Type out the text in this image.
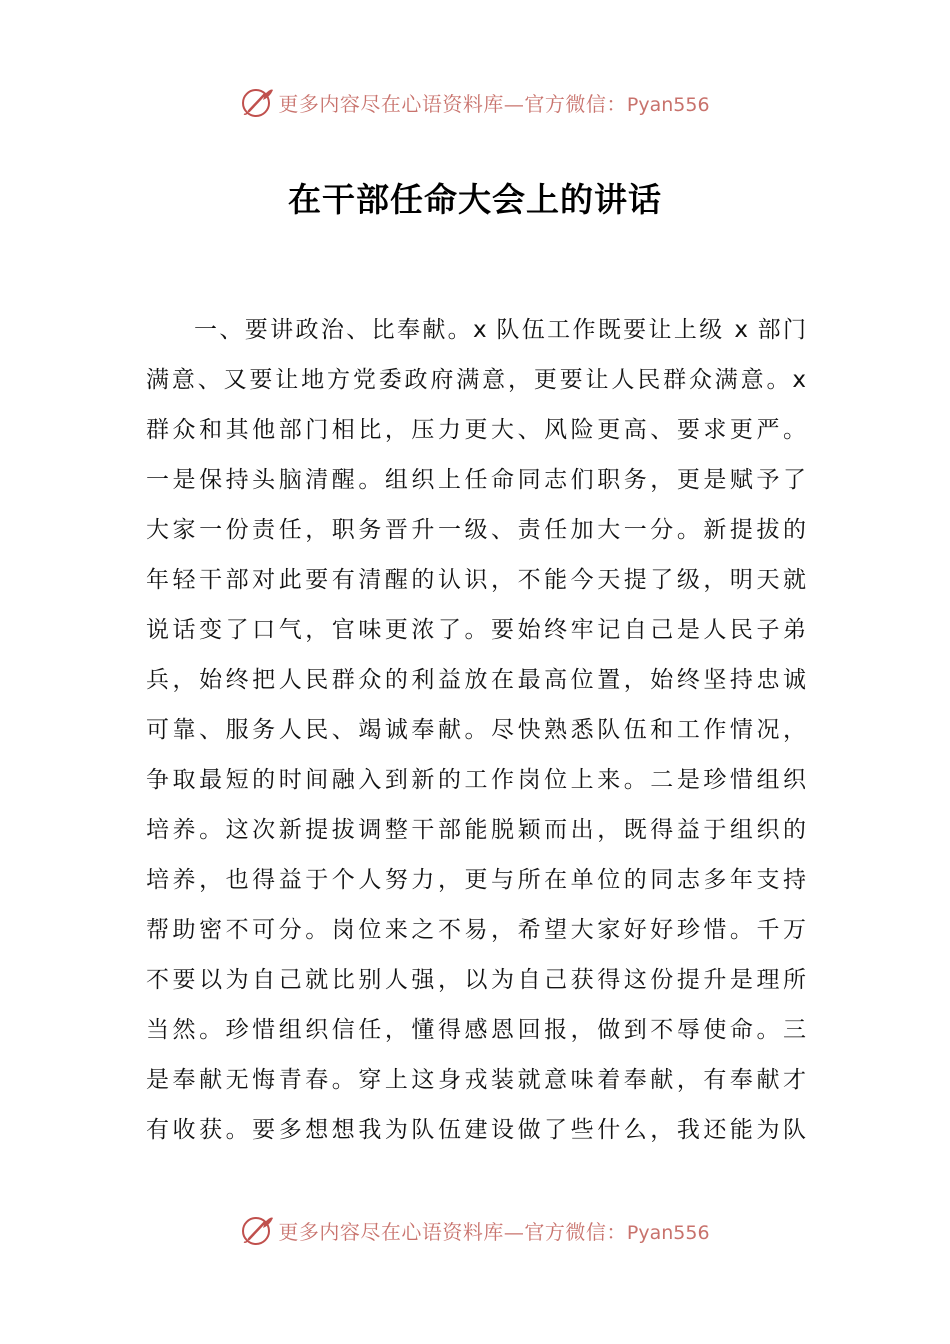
更多内容尽在心语资料库—官方微信：Pyan556
在干部任命大会上的讲话
一、要讲政治、比奉献。x 队伍工作既要让上级 x 部门
满意、又要让地方党委政府满意，更要让人民群众满意。x
群众和其他部门相比，压力更大、风险更高、要求更严。
一是保持头脑清醒。组织上任命同志们职务，更是赋予了
大家一份责任，职务晋升一级、责任加大一分。新提拔的
年轻干部对此要有清醒的认识，不能今天提了级，明天就
说话变了口气，官味更浓了。要始终牢记自己是人民子弟
兵，始终把人民群众的利益放在最高位置，始终坚持忠诚
可靠、服务人民、竭诚奉献。尽快熟悉队伍和工作情况，
争取最短的时间融入到新的工作岗位上来。二是珍惜组织
培养。这次新提拔调整干部能脱颖而出，既得益于组织的
培养，也得益于个人努力，更与所在单位的同志多年支持
帮助密不可分。岗位来之不易，希望大家好好珍惜。千万
不要以为自己就比别人强，以为自己获得这份提升是理所
当然。珍惜组织信任，懂得感恩回报，做到不辱使命。三
是奉献无悔青春。穿上这身戎装就意味着奉献，有奉献才
有收获。要多想想我为队伍建设做了些什么，我还能为队
更多内容尽在心语资料库—官方微信：Pyan556
